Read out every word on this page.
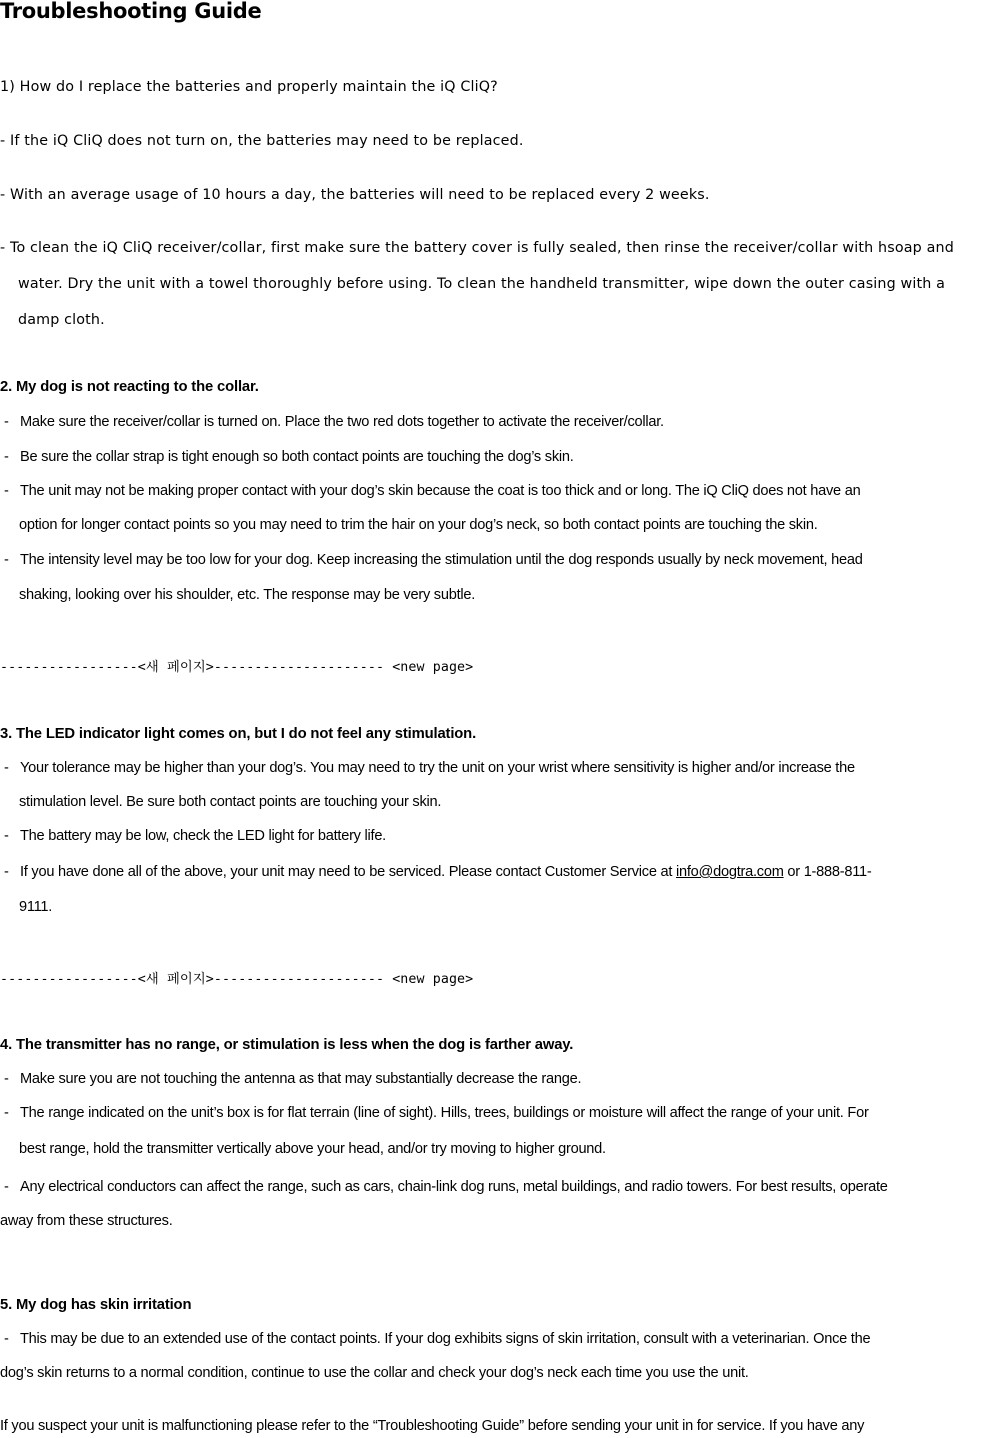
Troubleshooting Guide
1) How do I replace the batteries and properly maintain the iQ CliQ?
- If the iQ CliQ does not turn on, the batteries may need to be replaced.
- With an average usage of 10 hours a day, the batteries will need to be replaced every 2 weeks.
- To clean the iQ CliQ receiver/collar, first make sure the battery cover is fully sealed, then rinse the receiver/collar with hsoap and
water. Dry the unit with a towel thoroughly before using. To clean the handheld transmitter, wipe down the outer casing with a
damp cloth.
2. My dog is not reacting to the collar.
- Make sure the receiver/collar is turned on. Place the two red dots together to activate the receiver/collar.
- Be sure the collar strap is tight enough so both contact points are touching the dog’s skin.
- The unit may not be making proper contact with your dog’s skin because the coat is too thick and or long. The iQ CliQ does not have an
option for longer contact points so you may need to trim the hair on your dog’s neck, so both contact points are touching the skin.
- The intensity level may be too low for your dog. Keep increasing the stimulation until the dog responds usually by neck movement, head
shaking, looking over his shoulder, etc. The response may be very subtle.
-----------------<새 페이지>--------------------- <new page>
3. The LED indicator light comes on, but I do not feel any stimulation.
- Your tolerance may be higher than your dog’s. You may need to try the unit on your wrist where sensitivity is higher and/or increase the
stimulation level. Be sure both contact points are touching your skin.
- The battery may be low, check the LED light for battery life.
- If you have done all of the above, your unit may need to be serviced. Please contact Customer Service at info@dogtra.com or 1-888-811-
9111.
-----------------<새 페이지>--------------------- <new page>
4. The transmitter has no range, or stimulation is less when the dog is farther away.
- Make sure you are not touching the antenna as that may substantially decrease the range.
- The range indicated on the unit’s box is for flat terrain (line of sight). Hills, trees, buildings or moisture will affect the range of your unit. For
best range, hold the transmitter vertically above your head, and/or try moving to higher ground.
- Any electrical conductors can affect the range, such as cars, chain-link dog runs, metal buildings, and radio towers. For best results, operate
away from these structures.
5. My dog has skin irritation
- This may be due to an extended use of the contact points. If your dog exhibits signs of skin irritation, consult with a veterinarian. Once the
dog’s skin returns to a normal condition, continue to use the collar and check your dog’s neck each time you use the unit.
If you suspect your unit is malfunctioning please refer to the “Troubleshooting Guide” before sending your unit in for service. If you have any
